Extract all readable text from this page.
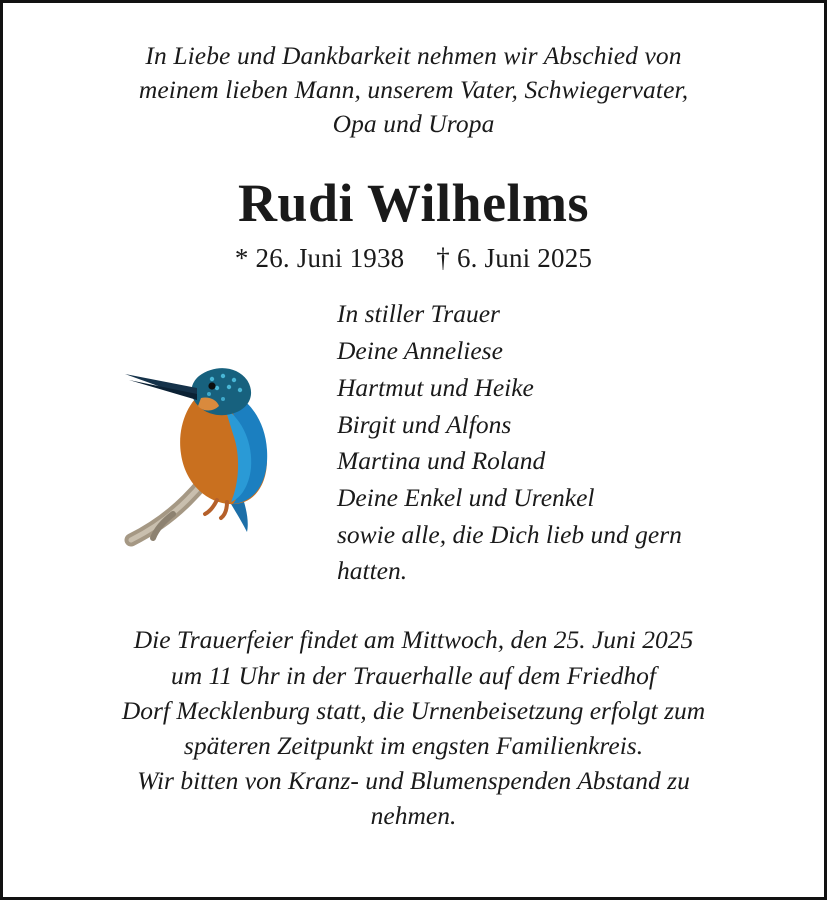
In Liebe und Dankbarkeit nehmen wir Abschied von
meinem lieben Mann, unserem Vater, Schwiegervater,
Opa und Uropa
Rudi Wilhelms
* 26. Juni 1938 † 6. Juni 2025
In stiller Trauer
Deine Anneliese
Hartmut und Heike
Birgit und Alfons
Martina und Roland
Deine Enkel und Urenkel
sowie alle, die Dich lieb und gern
hatten.
Die Trauerfeier findet am Mittwoch, den 25. Juni 2025
um 11 Uhr in der Trauerhalle auf dem Friedhof
Dorf Mecklenburg statt, die Urnenbeisetzung erfolgt zum
späteren Zeitpunkt im engsten Familienkreis.
Wir bitten von Kranz- und Blumenspenden Abstand zu
nehmen.
